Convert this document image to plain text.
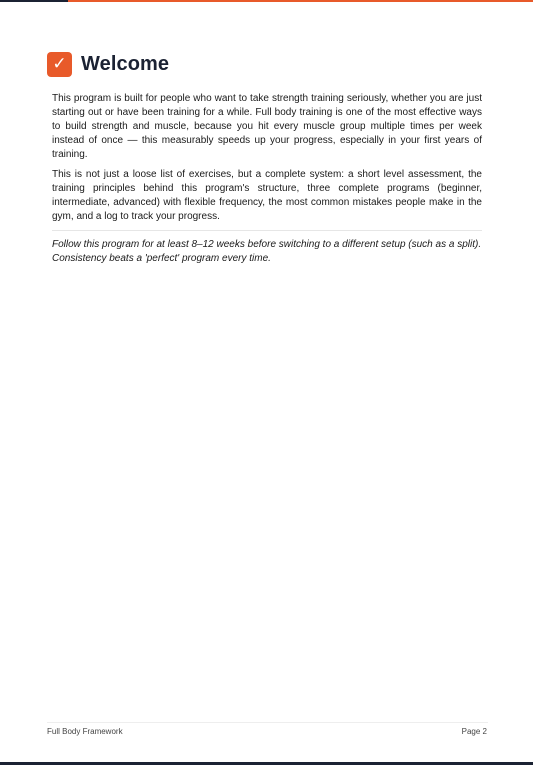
✓ Welcome

This program is built for people who want to take strength training seriously, whether you are just starting out or have been training for a while. Full body training is one of the most effective ways to build strength and muscle, because you hit every muscle group multiple times per week instead of once — this measurably speeds up your progress, especially in your first years of training.

This is not just a loose list of exercises, but a complete system: a short level assessment, the training principles behind this program's structure, three complete programs (beginner, intermediate, advanced) with flexible frequency, the most common mistakes people make in the gym, and a log to track your progress.

Follow this program for at least 8–12 weeks before switching to a different setup (such as a split). Consistency beats a 'perfect' program every time.

Full Body Framework	Page 2
